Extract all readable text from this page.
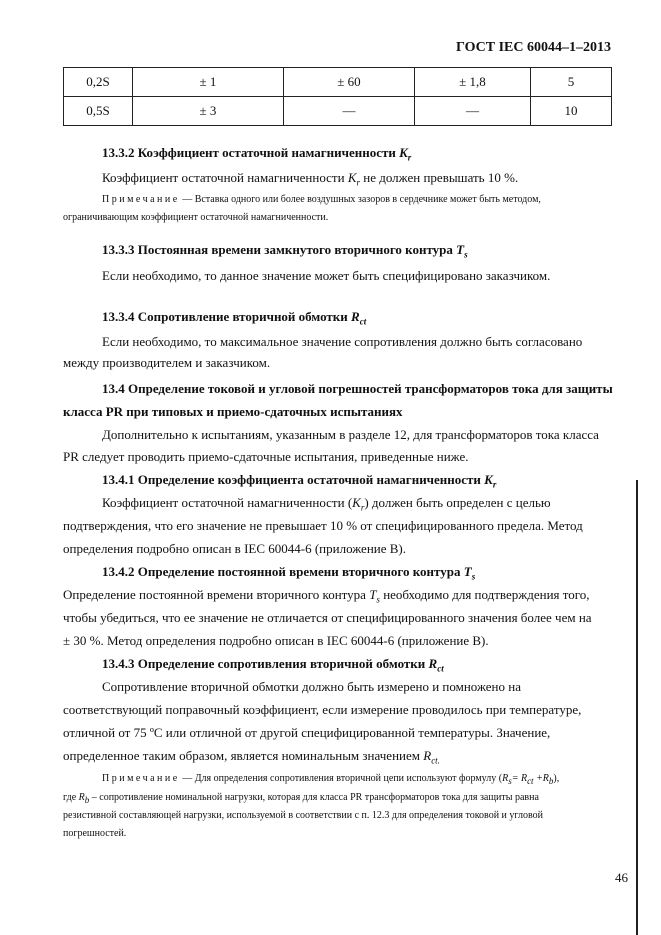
ГОСТ IEC 60044–1–2013
0,2S	± 1	± 60	± 1,8	5
0,5S	± 3	—	—	10
13.3.2 Коэффициент остаточной намагниченности $K_r$
Коэффициент остаточной намагниченности $K_r$ не должен превышать 10 %.
Примечание — Вставка одного или более воздушных зазоров в сердечнике может быть методом,
ограничивающим коэффициент остаточной намагниченности.
13.3.3 Постоянная времени замкнутого вторичного контура $T_s$
Если необходимо, то данное значение может быть специфицировано заказчиком.
13.3.4 Сопротивление вторичной обмотки $R_{ct}$
Если необходимо, то максимальное значение сопротивления должно быть согласовано
между производителем и заказчиком.
13.4 Определение токовой и угловой погрешностей трансформаторов тока для защиты
класса PR при типовых и приемо-сдаточных испытаниях
Дополнительно к испытаниям, указанным в разделе 12, для трансформаторов тока класса
PR следует проводить приемо-сдаточные испытания, приведенные ниже.
13.4.1 Определение коэффициента остаточной намагниченности $K_r$
Коэффициент остаточной намагниченности $(K_r)$ должен быть определен с целью
подтверждения, что его значение не превышает 10 % от специфицированного предела. Метод
определения подробно описан в IEC 60044-6 (приложение B).
13.4.2 Определение постоянной времени вторичного контура $T_s$
Определение постоянной времени вторичного контура $T_s$ необходимо для подтверждения того,
чтобы убедиться, что ее значение не отличается от специфицированного значения более чем на
± 30 %. Метод определения подробно описан в IEC 60044-6 (приложение B).
13.4.3 Определение сопротивления вторичной обмотки $R_{ct}$
Сопротивление вторичной обмотки должно быть измерено и помножено на
соответствующий поправочный коэффициент, если измерение проводилось при температуре,
отличной от 75 ºС или отличной от другой специфицированной температуры. Значение,
определенное таким образом, является номинальным значением $R_{ct.}$
Примечание — Для определения сопротивления вторичной цепи используют формулу $(R_s= R_{ct} +R_b)$,
где $R_b$ – сопротивление номинальной нагрузки, которая для класса PR трансформаторов тока для защиты равна
резистивной составляющей нагрузки, используемой в соответствии с п. 12.3 для определения токовой и угловой
погрешностей.
46
